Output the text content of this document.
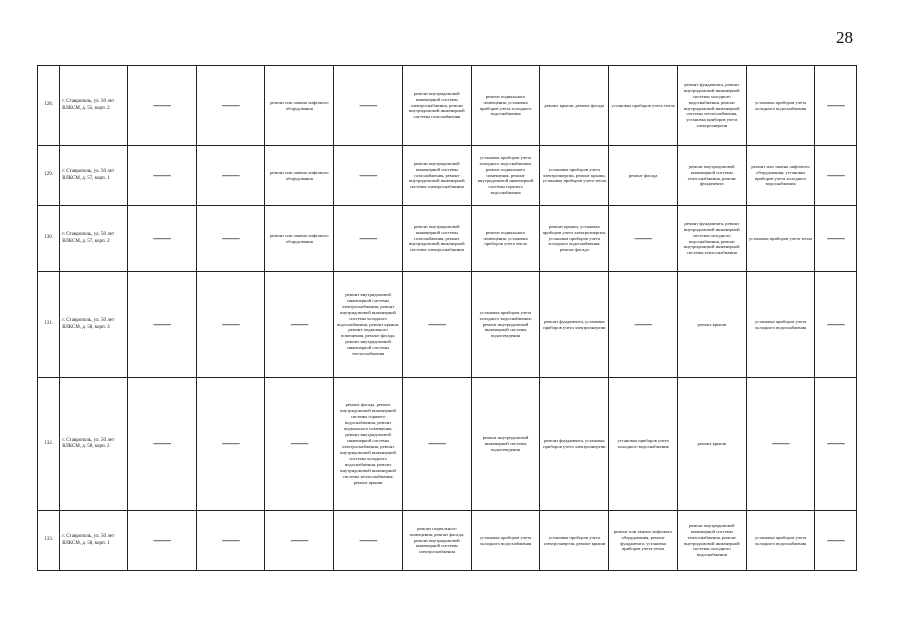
28
128.	г. Ставрополь, ул. 50 лет ВЛКСМ, д. 55, корп. 2	——	——	ремонт или замена лифтового оборудования	——	ремонт внутридомовой инженерной системы электроснабжения, ремонт внутридомовой инженерной системы газоснабжения	ремонт подвального помещения, установка приборов учета холодного водоснабжения	ремонт крыши, ремонт фасада	установка приборов учета тепла	ремонт фундамента, ремонт внутридомовой инженерной системы холодного водоснабжения, ремонт внутридомовой инженерной системы теплоснабжения, установка приборов учета электроэнергии	установка приборов учета холодного водоснабжения	——
129.	г. Ставрополь, ул. 50 лет ВЛКСМ, д. 57, корп. 1	——	——	ремонт или замена лифтового оборудования	——	ремонт внутридомовой инженерной системы газоснабжения, ремонт внутридомовой инженерной системы электроснабжения	установка приборов учета холодного водоснабжения, ремонт подвального помещения, ремонт внутридомовой инженерной системы горячего водоснабжения	установка приборов учета электроэнергии, ремонт крыши, установка приборов учета тепла	ремонт фасада	ремонт внутридомовой инженерной системы теплоснабжения, ремонт фундамента	ремонт или замена лифтового оборудования, установка приборов учета холодного водоснабжения	——
130.	г. Ставрополь, ул. 50 лет ВЛКСМ, д. 57, корп. 2	——	——	ремонт или замена лифтового оборудования	——	ремонт внутридомовой инженерной системы газоснабжения, ремонт внутридомовой инженерной системы электроснабжения	ремонт подвального помещения, установка приборов учета тепла	ремонт крыши, установка приборов учета электроэнергии, установка приборов учета холодного водоснабжения, ремонт фасада	——	ремонт фундамента, ремонт внутридомовой инженерной системы холодного водоснабжения, ремонт внутридомовой инженерной системы теплоснабжения	установка приборов учета тепла	——
131.	г. Ставрополь, ул. 50 лет ВЛКСМ, д. 58, корп. 3	——	——	——	ремонт внутридомовой инженерной системы электроснабжения, ремонт внутридомовой инженерной системы холодного водоснабжения, ремонт крыши, ремонт подвального помещения, ремонт фасада, ремонт внутридомовой инженерной системы теплоснабжения	——	установка приборов учета холодного водоснабжения, ремонт внутридомовой инженерной системы водоотведения	ремонт фундамента, установка приборов учета электроэнергии	——	ремонт крыши	установка приборов учета холодного водоснабжения	——
132.	г. Ставрополь, ул. 50 лет ВЛКСМ, д. 58, корп. 2	——	——	——	ремонт фасада, ремонт внутридомовой инженерной системы горячего водоснабжения, ремонт подвального помещения, ремонт внутридомовой инженерной системы электроснабжения, ремонт внутридомовой инженерной системы холодного водоснабжения, ремонт внутридомовой инженерной системы теплоснабжения, ремонт крыши	——	ремонт внутридомовой инженерной системы водоотведения	ремонт фундамента, установка приборов учета электроэнергии	установка приборов учета холодного водоснабжения	ремонт крыши	——	——
133.	г. Ставрополь, ул. 50 лет ВЛКСМ, д. 58, корп. 1	——	——	——	——	ремонт подвального помещения, ремонт фасада, ремонт внутридомовой инженерной системы электроснабжения	установка приборов учета холодного водоснабжения	установка приборов учета электроэнергии, ремонт крыши	ремонт или замена лифтового оборудования, ремонт фундамента, установка приборов учета тепла	ремонт внутридомовой инженерной системы теплоснабжения, ремонт внутридомовой инженерной системы холодного водоснабжения	установка приборов учета холодного водоснабжения	——
